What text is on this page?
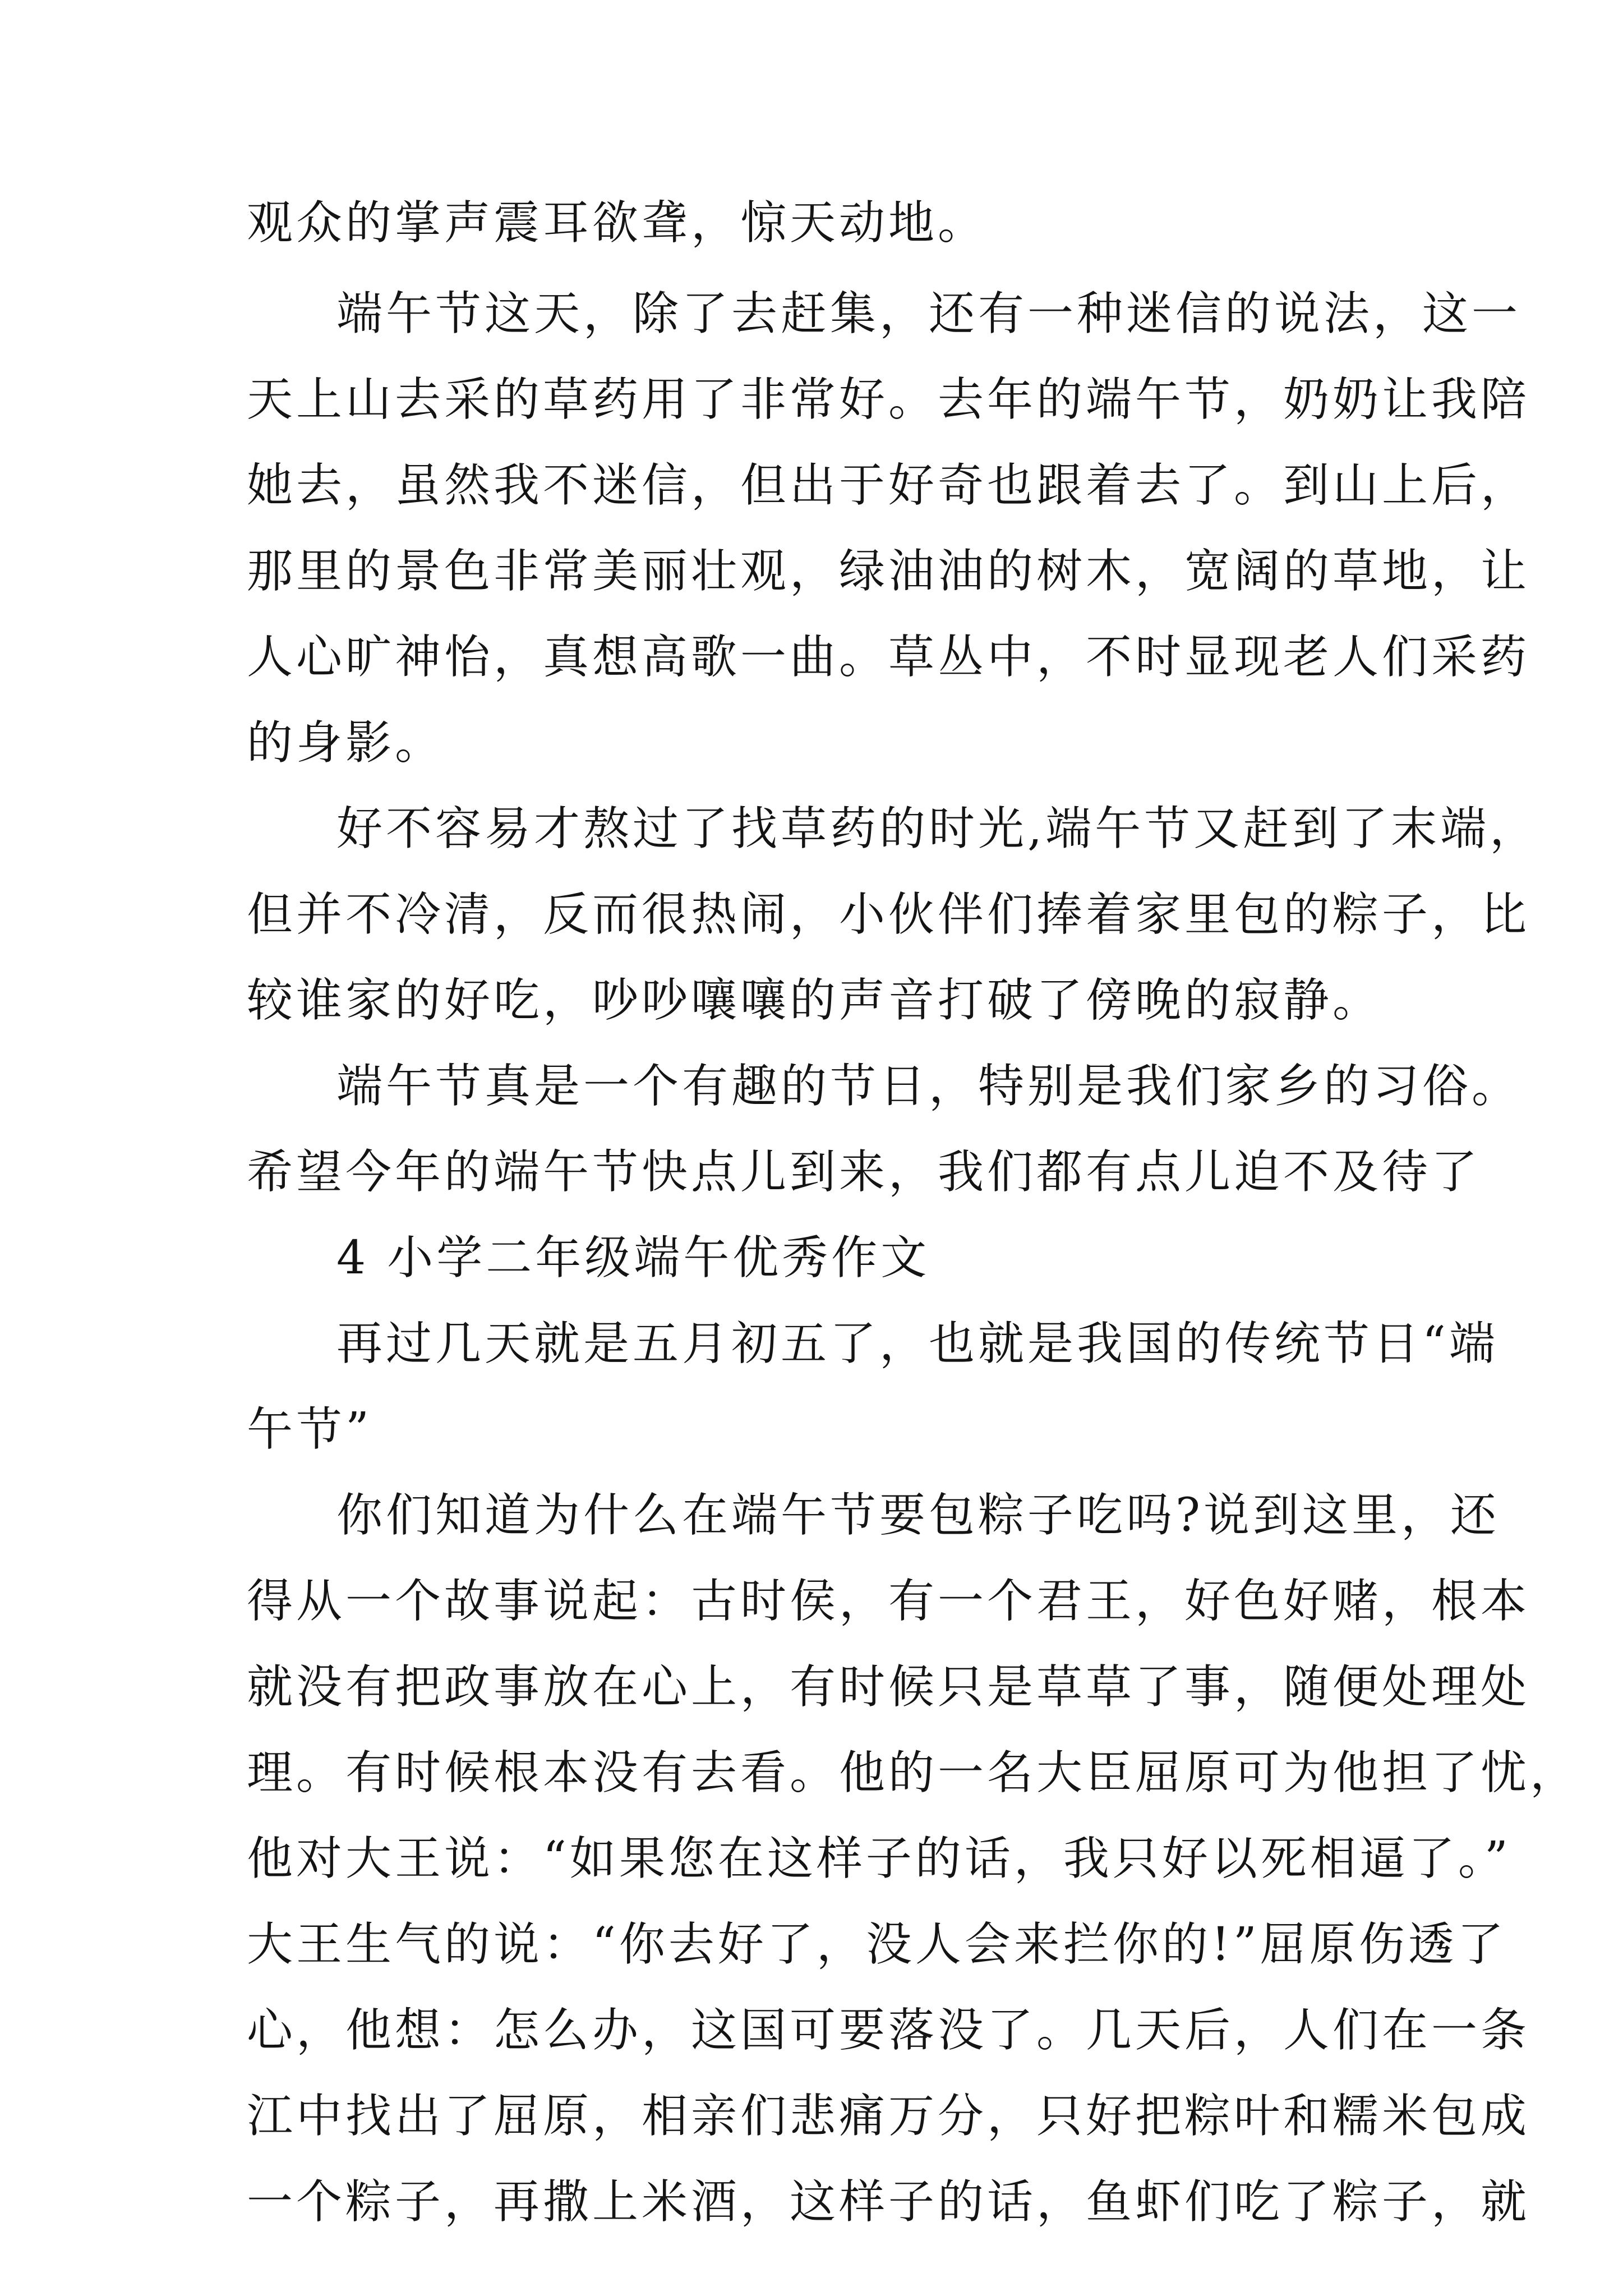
观众的掌声震耳欲聋，惊天动地。
端午节这天，除了去赶集，还有一种迷信的说法，这一
天上山去采的草药用了非常好。去年的端午节，奶奶让我陪
她去，虽然我不迷信，但出于好奇也跟着去了。到山上后，
那里的景色非常美丽壮观，绿油油的树木，宽阔的草地，让
人心旷神怡，真想高歌一曲。草丛中，不时显现老人们采药
的身影。
好不容易才熬过了找草药的时光,端午节又赶到了末端，
但并不冷清，反而很热闹，小伙伴们捧着家里包的粽子，比
较谁家的好吃，吵吵嚷嚷的声音打破了傍晚的寂静。
端午节真是一个有趣的节日，特别是我们家乡的习俗。
希望今年的端午节快点儿到来，我们都有点儿迫不及待了
4 小学二年级端午优秀作文
再过几天就是五月初五了，也就是我国的传统节日“端
午节”
你们知道为什么在端午节要包粽子吃吗?说到这里，还
得从一个故事说起：古时侯，有一个君王，好色好赌，根本
就没有把政事放在心上，有时候只是草草了事，随便处理处
理。有时候根本没有去看。他的一名大臣屈原可为他担了忧，
他对大王说：“如果您在这样子的话，我只好以死相逼了。”
大王生气的说：“你去好了，没人会来拦你的!”屈原伤透了
心，他想：怎么办，这国可要落没了。几天后，人们在一条
江中找出了屈原，相亲们悲痛万分，只好把粽叶和糯米包成
一个粽子，再撒上米酒，这样子的话，鱼虾们吃了粽子，就
